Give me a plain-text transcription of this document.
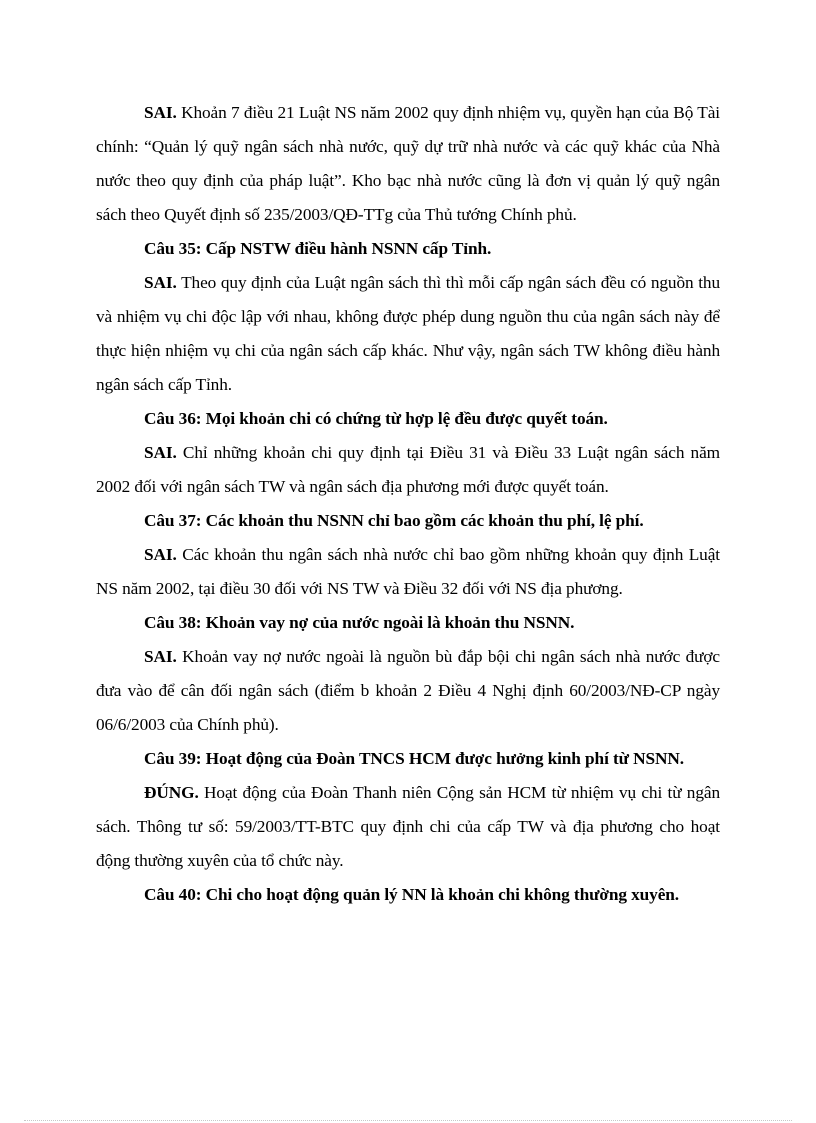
SAI. Khoản 7 điều 21 Luật NS năm 2002 quy định nhiệm vụ, quyền hạn của Bộ Tài chính: “Quản lý quỹ ngân sách nhà nước, quỹ dự trữ nhà nước và các quỹ khác của Nhà nước theo quy định của pháp luật”. Kho bạc nhà nước cũng là đơn vị quản lý quỹ ngân sách theo Quyết định số 235/2003/QĐ-TTg của Thủ tướng Chính phủ.

Câu 35: Cấp NSTW điều hành NSNN cấp Tỉnh.

SAI. Theo quy định của Luật ngân sách thì thì mỗi cấp ngân sách đều có nguồn thu và nhiệm vụ chi độc lập với nhau, không được phép dung nguồn thu của ngân sách này để thực hiện nhiệm vụ chi của ngân sách cấp khác. Như vậy, ngân sách TW không điều hành ngân sách cấp Tỉnh.

Câu 36: Mọi khoản chi có chứng từ hợp lệ đều được quyết toán.

SAI. Chỉ những khoản chi quy định tại Điều 31 và Điều 33 Luật ngân sách năm 2002 đối với ngân sách TW và ngân sách địa phương mới được quyết toán.

Câu 37: Các khoản thu NSNN chỉ bao gồm các khoản thu phí, lệ phí.

SAI. Các khoản thu ngân sách nhà nước chỉ bao gồm những khoản quy định Luật NS năm 2002, tại điều 30 đối với NS TW và Điều 32 đối với NS địa phương.

Câu 38: Khoản vay nợ của nước ngoài là khoản thu NSNN.

SAI. Khoản vay nợ nước ngoài là nguồn bù đắp bội chi ngân sách nhà nước được đưa vào để cân đối ngân sách (điểm b khoản 2 Điều 4 Nghị định 60/2003/NĐ-CP ngày 06/6/2003 của Chính phủ).

Câu 39: Hoạt động của Đoàn TNCS HCM được hưởng kinh phí từ NSNN.

ĐÚNG. Hoạt động của Đoàn Thanh niên Cộng sản HCM từ nhiệm vụ chi từ ngân sách. Thông tư số: 59/2003/TT-BTC quy định chi của cấp TW và địa phương cho hoạt động thường xuyên của tổ chức này.

Câu 40: Chi cho hoạt động quản lý NN là khoản chi không thường xuyên.
